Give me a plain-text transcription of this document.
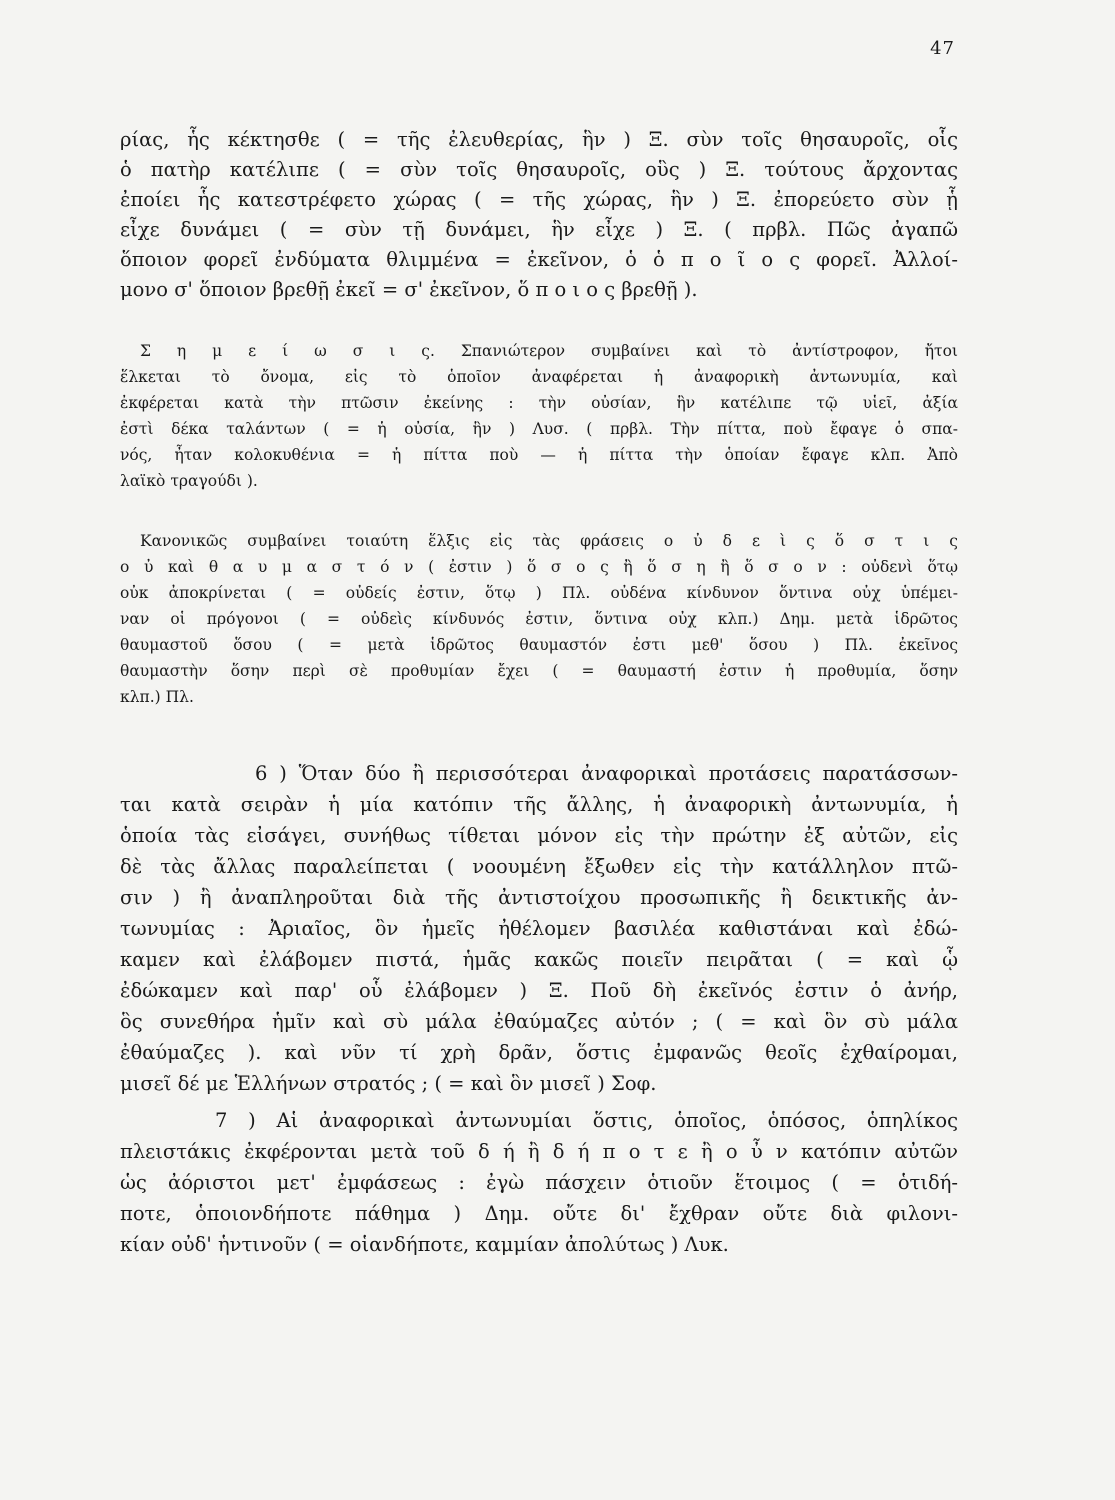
47
ρίας, ἧς κέκτησθε ( = τῆς ἐλευθερίας, ἣν ) Ξ. σὺν τοῖς θησαυροῖς, οἷς
ὁ πατὴρ κατέλιπε ( = σὺν τοῖς θησαυροῖς, οὓς ) Ξ. τούτους ἄρχοντας
ἐποίει ἧς κατεστρέφετο χώρας ( = τῆς χώρας, ἣν ) Ξ. ἐπορεύετο σὺν ᾗ
εἶχε δυνάμει ( = σὺν τῇ δυνάμει, ἣν εἶχε ) Ξ. ( πρβλ. Πῶς ἀγαπῶ
ὅποιον φορεῖ ἐνδύματα θλιμμένα = ἐκεῖνον, ὁ ὁ π ο ῖ ο ς φορεῖ. Ἀλλοί-
μονο σ' ὅποιον βρεθῇ ἐκεῖ = σ' ἐκεῖνον, ὅ π ο ι ο ς βρεθῇ ).
Σ η μ ε ί ω σ ι ς. Σπανιώτερον συμβαίνει καὶ τὸ ἀντίστροφον, ἤτοι
ἕλκεται τὸ ὄνομα, εἰς τὸ ὁποῖον ἀναφέρεται ἡ ἀναφορικὴ ἀντωνυμία, καὶ
ἐκφέρεται κατὰ τὴν πτῶσιν ἐκείνης : τὴν οὐσίαν, ἣν κατέλιπε τῷ υἱεῖ, ἀξία
ἐστὶ δέκα ταλάντων ( = ἡ οὐσία, ἣν ) Λυσ. ( πρβλ. Τὴν πίττα, ποὺ ἔφαγε ὁ σπα-
νός, ἦταν κολοκυθένια = ἡ πίττα ποὺ — ἡ πίττα τὴν ὁποίαν ἔφαγε κλπ. Ἀπὸ
λαϊκὸ τραγούδι ).
Κανονικῶς συμβαίνει τοιαύτη ἕλξις εἰς τὰς φράσεις ο ὐ δ ε ὶ ς ὅ σ τ ι ς
ο ὐ καὶ θ α υ μ α σ τ ό ν ( ἐστιν ) ὅ σ ο ς ἢ ὅ σ η ἢ ὅ σ ο ν : οὐδενὶ ὅτῳ
οὐκ ἀποκρίνεται ( = οὐδείς ἐστιν, ὅτῳ ) Πλ. οὐδένα κίνδυνον ὅντινα οὐχ ὑπέμει-
ναν οἱ πρόγονοι ( = οὐδεὶς κίνδυνός ἐστιν, ὅντινα οὐχ κλπ.) Δημ. μετὰ ἱδρῶτος
θαυμαστοῦ ὅσου ( = μετὰ ἱδρῶτος θαυμαστόν ἐστι μεθ' ὅσου ) Πλ. ἐκεῖνος
θαυμαστὴν ὅσην περὶ σὲ προθυμίαν ἔχει ( = θαυμαστή ἐστιν ἡ προθυμία, ὅσην
κλπ.) Πλ.
6 ) Ὅταν δύο ἢ περισσότεραι ἀναφορικαὶ προτάσεις παρατάσσων-
ται κατὰ σειρὰν ἡ μία κατόπιν τῆς ἄλλης, ἡ ἀναφορικὴ ἀντωνυμία, ἡ
ὁποία τὰς εἰσάγει, συνήθως τίθεται μόνον εἰς τὴν πρώτην ἐξ αὐτῶν, εἰς
δὲ τὰς ἄλλας παραλείπεται ( νοουμένη ἔξωθεν εἰς τὴν κατάλληλον πτῶ-
σιν ) ἢ ἀναπληροῦται διὰ τῆς ἀντιστοίχου προσωπικῆς ἢ δεικτικῆς ἀν-
τωνυμίας : Ἀριαῖος, ὃν ἡμεῖς ἠθέλομεν βασιλέα καθιστάναι καὶ ἐδώ-
καμεν καὶ ἐλάβομεν πιστά, ἡμᾶς κακῶς ποιεῖν πειρᾶται ( = καὶ ᾧ
ἐδώκαμεν καὶ παρ' οὗ ἐλάβομεν ) Ξ. Ποῦ δὴ ἐκεῖνός ἐστιν ὁ ἀνήρ,
ὃς συνεθήρα ἡμῖν καὶ σὺ μάλα ἐθαύμαζες αὐτόν ; ( = καὶ ὃν σὺ μάλα
ἐθαύμαζες ). καὶ νῦν τί χρὴ δρᾶν, ὅστις ἐμφανῶς θεοῖς ἐχθαίρομαι,
μισεῖ δέ με Ἑλλήνων στρατός ; ( = καὶ ὃν μισεῖ ) Σοφ.
7 ) Αἱ ἀναφορικαὶ ἀντωνυμίαι ὅστις, ὁποῖος, ὁπόσος, ὁπηλίκος
πλειστάκις ἐκφέρονται μετὰ τοῦ δ ή ἢ δ ή π ο τ ε ἢ ο ὖ ν κατόπιν αὐτῶν
ὡς ἀόριστοι μετ' ἐμφάσεως : ἐγὼ πάσχειν ὁτιοῦν ἕτοιμος ( = ὁτιδή-
ποτε, ὁποιονδήποτε πάθημα ) Δημ. οὔτε δι' ἔχθραν οὔτε διὰ φιλονι-
κίαν οὐδ' ἡντινοῦν ( = οἱανδήποτε, καμμίαν ἀπολύτως ) Λυκ.
